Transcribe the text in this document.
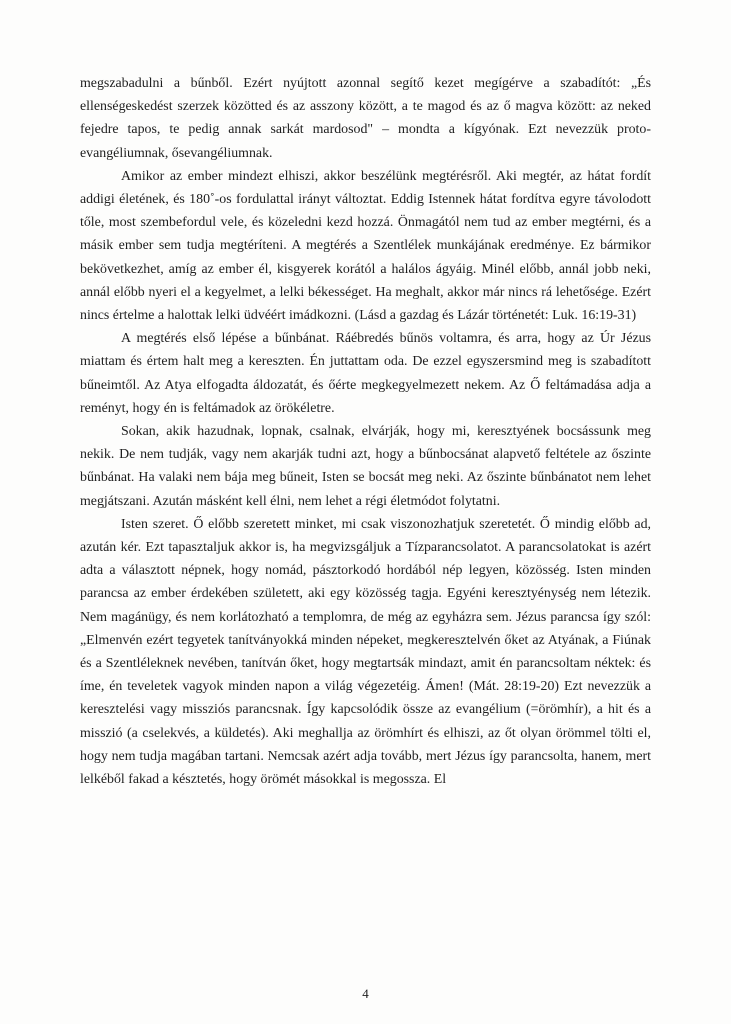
megszabadulni a bűnből. Ezért nyújtott azonnal segítő kezet megígérve a szabadítót: „És ellenségeskedést szerzek közötted és az asszony között, a te magod és az ő magva között: az neked fejedre tapos, te pedig annak sarkát mardosod" – mondta a kígyónak. Ezt nevezzük proto-evangéliumnak, ősevangéliumnak.

Amikor az ember mindezt elhiszi, akkor beszélünk megtérésről. Aki megtér, az hátat fordít addigi életének, és 180˚-os fordulattal irányt változtat. Eddig Istennek hátat fordítva egyre távolodott tőle, most szembefordul vele, és közeledni kezd hozzá. Önmagától nem tud az ember megtérni, és a másik ember sem tudja megtéríteni. A megtérés a Szentlélek munkájának eredménye. Ez bármikor bekövetkezhet, amíg az ember él, kisgyerek korától a halálos ágyáig. Minél előbb, annál jobb neki, annál előbb nyeri el a kegyelmet, a lelki békességet. Ha meghalt, akkor már nincs rá lehetősége. Ezért nincs értelme a halottak lelki üdvéért imádkozni. (Lásd a gazdag és Lázár történetét: Luk. 16:19-31)

A megtérés első lépése a bűnbánat. Ráébredés bűnös voltamra, és arra, hogy az Úr Jézus miattam és értem halt meg a kereszten. Én juttattam oda. De ezzel egyszersmind meg is szabadított bűneimtől. Az Atya elfogadta áldozatát, és őérte megkegyelmezett nekem. Az Ő feltámadása adja a reményt, hogy én is feltámadok az örökéletre.

Sokan, akik hazudnak, lopnak, csalnak, elvárják, hogy mi, keresztyének bocsássunk meg nekik. De nem tudják, vagy nem akarják tudni azt, hogy a bűnbocsánat alapvető feltétele az őszinte bűnbánat. Ha valaki nem bája meg bűneit, Isten se bocsát meg neki. Az őszinte bűnbánatot nem lehet megjátszani. Azután másként kell élni, nem lehet a régi életmódot folytatni.

Isten szeret. Ő előbb szeretett minket, mi csak viszonozhatjuk szeretetét. Ő mindig előbb ad, azután kér. Ezt tapasztaljuk akkor is, ha megvizsgáljuk a Tízparancsolatot. A parancsolatokat is azért adta a választott népnek, hogy nomád, pásztorkodó hordából nép legyen, közösség. Isten minden parancsa az ember érdekében született, aki egy közösség tagja. Egyéni keresztyénység nem létezik. Nem magánügy, és nem korlátozható a templomra, de még az egyházra sem. Jézus parancsa így szól: „Elmenvén ezért tegyetek tanítványokká minden népeket, megkeresztelvén őket az Atyának, a Fiúnak és a Szentléleknek nevében, tanítván őket, hogy megtartsák mindazt, amit én parancsoltam néktek: és íme, én teveletek vagyok minden napon a világ végezetéig. Ámen! (Mát. 28:19-20) Ezt nevezzük a keresztelési vagy missziós parancsnak. Így kapcsolódik össze az evangélium (=örömhír), a hit és a misszió (a cselekvés, a küldetés). Aki meghallja az örömhírt és elhiszi, az őt olyan örömmel tölti el, hogy nem tudja magában tartani. Nemcsak azért adja tovább, mert Jézus így parancsolta, hanem, mert lelkéből fakad a késztetés, hogy örömét másokkal is megossza. El

4
